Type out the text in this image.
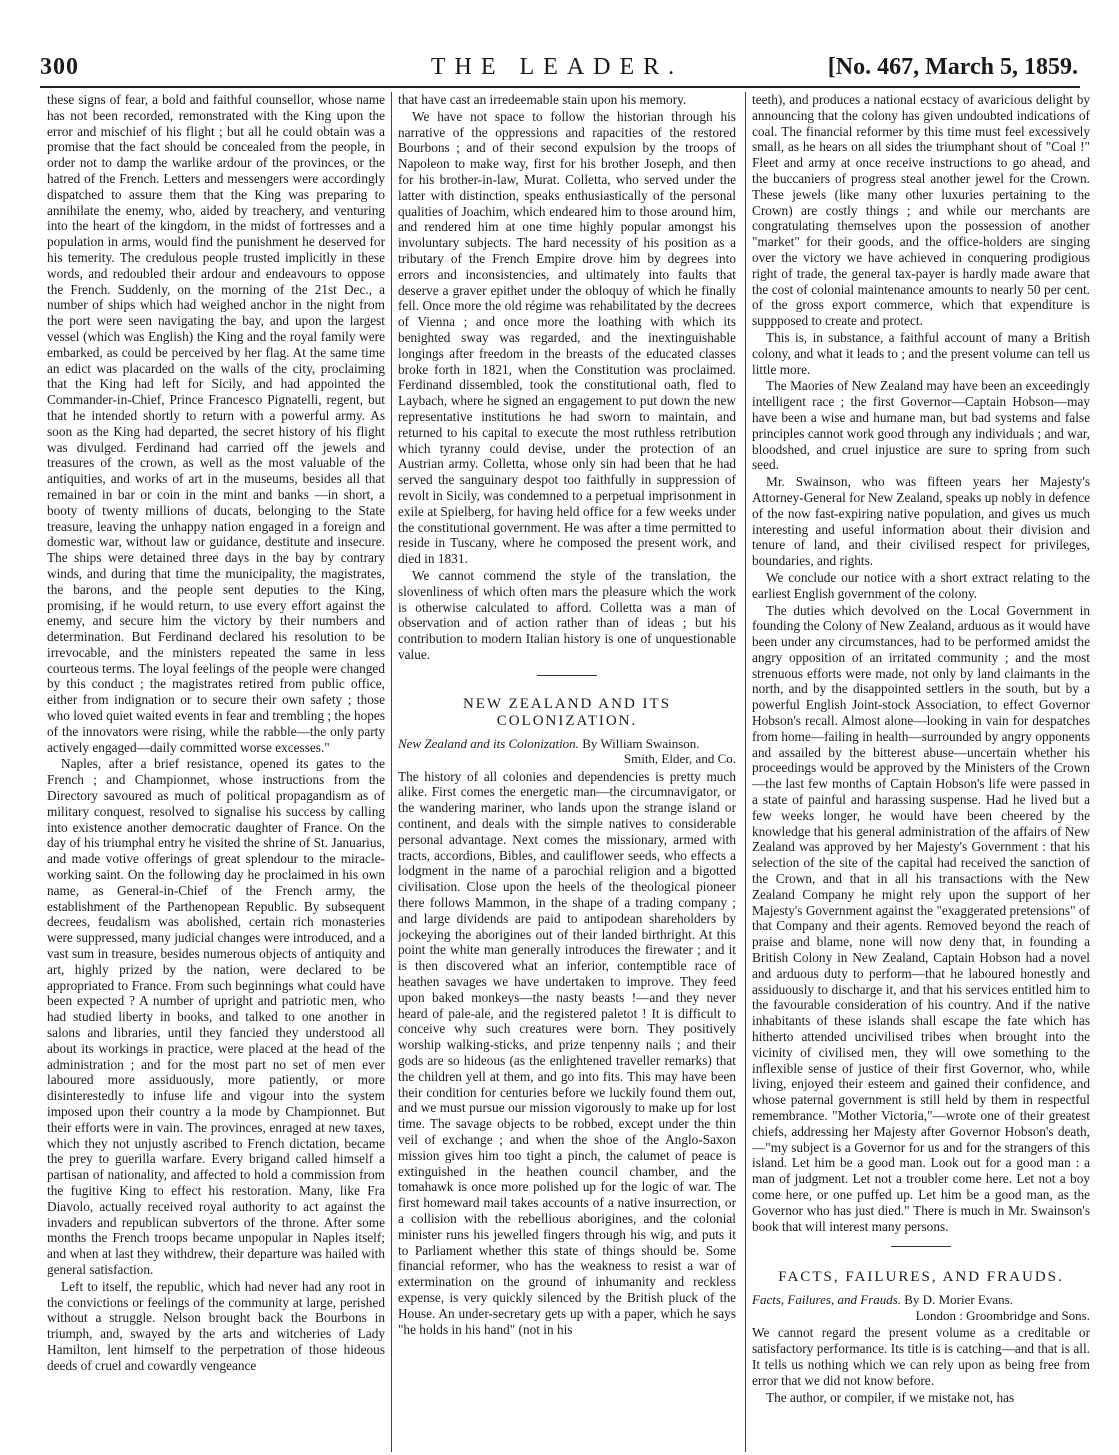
300	THE LEADER.	[No. 467, March 5, 1859.

these signs of fear, a bold and faithful counsellor, whose name has not been recorded, remonstrated with the King upon the error and mischief of his flight ; but all he could obtain was a promise that the fact should be concealed from the people, in order not to damp the warlike ardour of the provinces, or the hatred of the French. Letters and messengers were accordingly dispatched to assure them that the King was preparing to annihilate the enemy, who, aided by treachery, and venturing into the heart of the kingdom, in the midst of fortresses and a population in arms, would find the punishment he deserved for his temerity. The credulous people trusted implicitly in these words, and redoubled their ardour and endeavours to oppose the French. Suddenly, on the morning of the 21st Dec., a number of ships which had weighed anchor in the night from the port were seen navigating the bay, and upon the largest vessel (which was English) the King and the royal family were embarked, as could be perceived by her flag. At the same time an edict was placarded on the walls of the city, proclaiming that the King had left for Sicily, and had appointed the Commander-in-Chief, Prince Francesco Pignatelli, regent, but that he intended shortly to return with a powerful army. As soon as the King had departed, the secret history of his flight was divulged. Ferdinand had carried off the jewels and treasures of the crown, as well as the most valuable of the antiquities, and works of art in the museums, besides all that remained in bar or coin in the mint and banks —in short, a booty of twenty millions of ducats, belonging to the State treasure, leaving the unhappy nation engaged in a foreign and domestic war, without law or guidance, destitute and insecure. The ships were detained three days in the bay by contrary winds, and during that time the municipality, the magistrates, the barons, and the people sent deputies to the King, promising, if he would return, to use every effort against the enemy, and secure him the victory by their numbers and determination. But Ferdinand declared his resolution to be irrevocable, and the ministers repeated the same in less courteous terms. The loyal feelings of the people were changed by this conduct ; the magistrates retired from public office, either from indignation or to secure their own safety ; those who loved quiet waited events in fear and trembling ; the hopes of the innovators were rising, while the rabble—the only party actively engaged—daily committed worse excesses."

Naples, after a brief resistance, opened its gates to the French ; and Championnet, whose instructions from the Directory savoured as much of political propagandism as of military conquest, resolved to signalise his success by calling into existence another democratic daughter of France. On the day of his triumphal entry he visited the shrine of St. Januarius, and made votive offerings of great splendour to the miracle-working saint. On the following day he proclaimed in his own name, as General-in-Chief of the French army, the establishment of the Parthenopean Republic. By subsequent decrees, feudalism was abolished, certain rich monasteries were suppressed, many judicial changes were introduced, and a vast sum in treasure, besides numerous objects of antiquity and art, highly prized by the nation, were declared to be appropriated to France. From such beginnings what could have been expected ? A number of upright and patriotic men, who had studied liberty in books, and talked to one another in salons and libraries, until they fancied they understood all about its workings in practice, were placed at the head of the administration ; and for the most part no set of men ever laboured more assiduously, more patiently, or more disinterestedly to infuse life and vigour into the system imposed upon their country a la mode by Championnet. But their efforts were in vain. The provinces, enraged at new taxes, which they not unjustly ascribed to French dictation, became the prey to guerilla warfare. Every brigand called himself a partisan of nationality, and affected to hold a commission from the fugitive King to effect his restoration. Many, like Fra Diavolo, actually received royal authority to act against the invaders and republican subvertors of the throne. After some months the French troops became unpopular in Naples itself; and when at last they withdrew, their departure was hailed with general satisfaction.

Left to itself, the republic, which had never had any root in the convictions or feelings of the community at large, perished without a struggle. Nelson brought back the Bourbons in triumph, and, swayed by the arts and witcheries of Lady Hamilton, lent himself to the perpetration of those hideous deeds of cruel and cowardly vengeance

that have cast an irredeemable stain upon his memory.

We have not space to follow the historian through his narrative of the oppressions and rapacities of the restored Bourbons ; and of their second expulsion by the troops of Napoleon to make way, first for his brother Joseph, and then for his brother-in-law, Murat. Colletta, who served under the latter with distinction, speaks enthusiastically of the personal qualities of Joachim, which endeared him to those around him, and rendered him at one time highly popular amongst his involuntary subjects. The hard necessity of his position as a tributary of the French Empire drove him by degrees into errors and inconsistencies, and ultimately into faults that deserve a graver epithet under the obloquy of which he finally fell. Once more the old régime was rehabilitated by the decrees of Vienna ; and once more the loathing with which its benighted sway was regarded, and the inextinguishable longings after freedom in the breasts of the educated classes broke forth in 1821, when the Constitution was proclaimed. Ferdinand dissembled, took the constitutional oath, fled to Laybach, where he signed an engagement to put down the new representative institutions he had sworn to maintain, and returned to his capital to execute the most ruthless retribution which tyranny could devise, under the protection of an Austrian army. Colletta, whose only sin had been that he had served the sanguinary despot too faithfully in suppression of revolt in Sicily, was condemned to a perpetual imprisonment in exile at Spielberg, for having held office for a few weeks under the constitutional government. He was after a time permitted to reside in Tuscany, where he composed the present work, and died in 1831.

We cannot commend the style of the translation, the slovenliness of which often mars the pleasure which the work is otherwise calculated to afford. Colletta was a man of observation and of action rather than of ideas ; but his contribution to modern Italian history is one of unquestionable value.

NEW ZEALAND AND ITS COLONIZATION.

New Zealand and its Colonization. By William Swainson.
Smith, Elder, and Co.

The history of all colonies and dependencies is pretty much alike. First comes the energetic man—the circumnavigator, or the wandering mariner, who lands upon the strange island or continent, and deals with the simple natives to considerable personal advantage. Next comes the missionary, armed with tracts, accordions, Bibles, and cauliflower seeds, who effects a lodgment in the name of a parochial religion and a bigotted civilisation. Close upon the heels of the theological pioneer there follows Mammon, in the shape of a trading company ; and large dividends are paid to antipodean shareholders by jockeying the aborigines out of their landed birthright. At this point the white man generally introduces the firewater ; and it is then discovered what an inferior, contemptible race of heathen savages we have undertaken to improve. They feed upon baked monkeys—the nasty beasts !—and they never heard of pale-ale, and the registered paletot ! It is difficult to conceive why such creatures were born. They positively worship walking-sticks, and prize tenpenny nails ; and their gods are so hideous (as the enlightened traveller remarks) that the children yell at them, and go into fits. This may have been their condition for centuries before we luckily found them out, and we must pursue our mission vigorously to make up for lost time. The savage objects to be robbed, except under the thin veil of exchange ; and when the shoe of the Anglo-Saxon mission gives him too tight a pinch, the calumet of peace is extinguished in the heathen council chamber, and the tomahawk is once more polished up for the logic of war. The first homeward mail takes accounts of a native insurrection, or a collision with the rebellious aborigines, and the colonial minister runs his jewelled fingers through his wig, and puts it to Parliament whether this state of things should be. Some financial reformer, who has the weakness to resist a war of extermination on the ground of inhumanity and reckless expense, is very quickly silenced by the British pluck of the House. An under-secretary gets up with a paper, which he says "he holds in his hand" (not in his

teeth), and produces a national ecstacy of avaricious delight by announcing that the colony has given undoubted indications of coal. The financial reformer by this time must feel excessively small, as he hears on all sides the triumphant shout of "Coal !" Fleet and army at once receive instructions to go ahead, and the buccaniers of progress steal another jewel for the Crown. These jewels (like many other luxuries pertaining to the Crown) are costly things ; and while our merchants are congratulating themselves upon the possession of another "market" for their goods, and the office-holders are singing over the victory we have achieved in conquering prodigious right of trade, the general tax-payer is hardly made aware that the cost of colonial maintenance amounts to nearly 50 per cent. of the gross export commerce, which that expenditure is suppposed to create and protect.

This is, in substance, a faithful account of many a British colony, and what it leads to ; and the present volume can tell us little more.

The Maories of New Zealand may have been an exceedingly intelligent race ; the first Governor—Captain Hobson—may have been a wise and humane man, but bad systems and false principles cannot work good through any individuals ; and war, bloodshed, and cruel injustice are sure to spring from such seed.

Mr. Swainson, who was fifteen years her Majesty's Attorney-General for New Zealand, speaks up nobly in defence of the now fast-expiring native population, and gives us much interesting and useful information about their division and tenure of land, and their civilised respect for privileges, boundaries, and rights.

We conclude our notice with a short extract relating to the earliest English government of the colony.

The duties which devolved on the Local Government in founding the Colony of New Zealand, arduous as it would have been under any circumstances, had to be performed amidst the angry opposition of an irritated community ; and the most strenuous efforts were made, not only by land claimants in the north, and by the disappointed settlers in the south, but by a powerful English Joint-stock Association, to effect Governor Hobson's recall. Almost alone—looking in vain for despatches from home—failing in health—surrounded by angry opponents and assailed by the bitterest abuse—uncertain whether his proceedings would be approved by the Ministers of the Crown—the last few months of Captain Hobson's life were passed in a state of painful and harassing suspense. Had he lived but a few weeks longer, he would have been cheered by the knowledge that his general administration of the affairs of New Zealand was approved by her Majesty's Government : that his selection of the site of the capital had received the sanction of the Crown, and that in all his transactions with the New Zealand Company he might rely upon the support of her Majesty's Government against the "exaggerated pretensions" of that Company and their agents. Removed beyond the reach of praise and blame, none will now deny that, in founding a British Colony in New Zealand, Captain Hobson had a novel and arduous duty to perform—that he laboured honestly and assiduously to discharge it, and that his services entitled him to the favourable consideration of his country. And if the native inhabitants of these islands shall escape the fate which has hitherto attended uncivilised tribes when brought into the vicinity of civilised men, they will owe something to the inflexible sense of justice of their first Governor, who, while living, enjoyed their esteem and gained their confidence, and whose paternal government is still held by them in respectful remembrance. "Mother Victoria,"—wrote one of their greatest chiefs, addressing her Majesty after Governor Hobson's death,—"my subject is a Governor for us and for the strangers of this island. Let him be a good man. Look out for a good man : a man of judgment. Let not a troubler come here. Let not a boy come here, or one puffed up. Let him be a good man, as the Governor who has just died." There is much in Mr. Swainson's book that will interest many persons.

FACTS, FAILURES, AND FRAUDS.

Facts, Failures, and Frauds. By D. Morier Evans.
London : Groombridge and Sons.

We cannot regard the present volume as a creditable or satisfactory performance. Its title is is catching—and that is all. It tells us nothing which we can rely upon as being free from error that we did not know before.

The author, or compiler, if we mistake not, has
